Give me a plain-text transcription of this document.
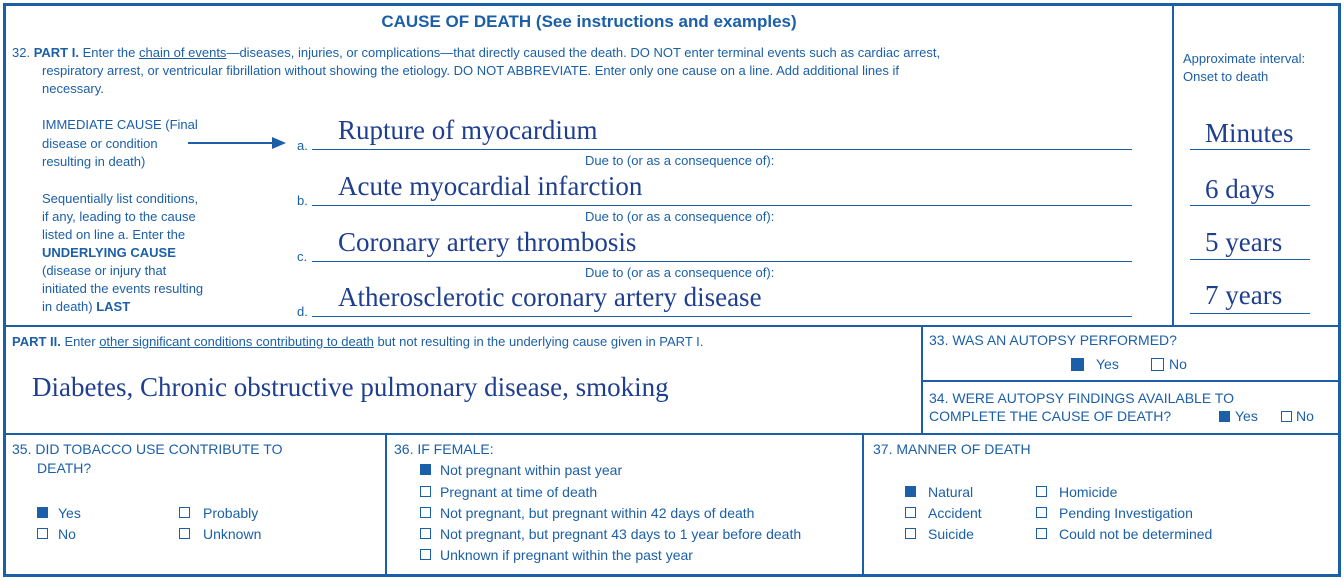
CAUSE OF DEATH (See instructions and examples)
32. PART I. Enter the chain of events—diseases, injuries, or complications—that directly caused the death. DO NOT enter terminal events such as cardiac arrest,
respiratory arrest, or ventricular fibrillation without showing the etiology. DO NOT ABBREVIATE. Enter only one cause on a line. Add additional lines if
necessary.
Approximate interval:
Onset to death
IMMEDIATE CAUSE (Final
disease or condition
resulting in death)
Sequentially list conditions,
if any, leading to the cause
listed on line a. Enter the
UNDERLYING CAUSE
(disease or injury that
initiated the events resulting
in death) LAST
a.
Rupture of myocardium	Minutes
Due to (or as a consequence of):
b. Acute myocardial infarction	6 days
Due to (or as a consequence of):
c. Coronary artery thrombosis	5 years
Due to (or as a consequence of):
d. Atherosclerotic coronary artery disease	7 years
PART II. Enter other significant conditions contributing to death but not resulting in the underlying cause given in PART I.
Diabetes, Chronic obstructive pulmonary disease, smoking
33. WAS AN AUTOPSY PERFORMED?
Yes	No
34. WERE AUTOPSY FINDINGS AVAILABLE TO
COMPLETE THE CAUSE OF DEATH?	Yes	No
35. DID TOBACCO USE CONTRIBUTE TO
DEATH?
Yes	Probably
No	Unknown
36. IF FEMALE:
Not pregnant within past year
Pregnant at time of death
Not pregnant, but pregnant within 42 days of death
Not pregnant, but pregnant 43 days to 1 year before death
Unknown if pregnant within the past year
37. MANNER OF DEATH
Natural	Homicide
Accident	Pending Investigation
Suicide	Could not be determined
